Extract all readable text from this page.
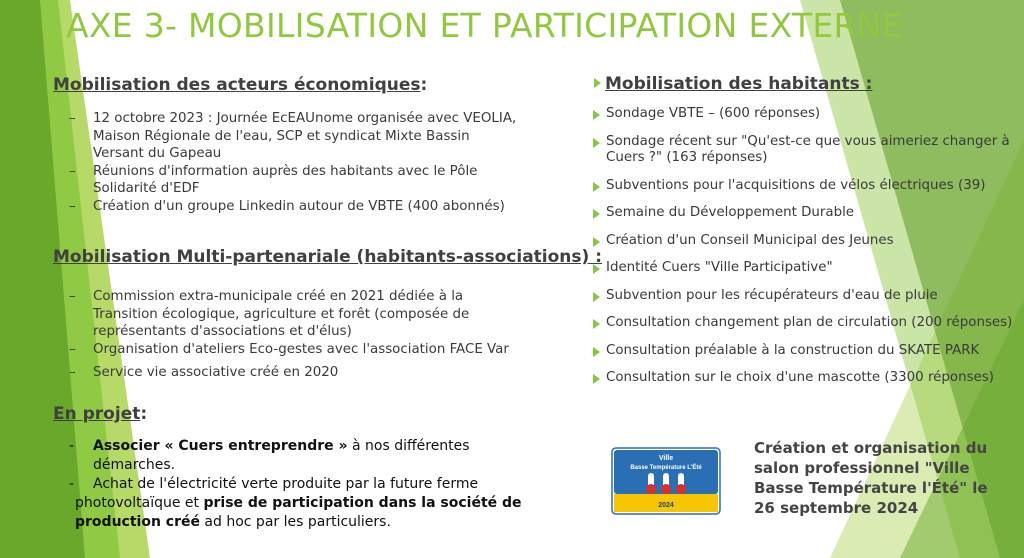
AXE 3- MOBILISATION ET PARTICIPATION EXTERNE
Mobilisation des acteurs économiques:
– 12 octobre 2023 : Journée EcEAUnome organisée avec VEOLIA, Maison Régionale de l'eau, SCP et syndicat Mixte Bassin Versant du Gapeau
– Réunions d'information auprès des habitants avec le Pôle Solidarité d'EDF
– Création d'un groupe Linkedin autour de VBTE (400 abonnés)
Mobilisation Multi-partenariale (habitants-associations) :
– Commission extra-municipale créé en 2021 dédiée à la Transition écologique, agriculture et forêt (composée de représentants d'associations et d'élus)
– Organisation d'ateliers Eco-gestes avec l'association FACE Var
– Service vie associative créé en 2020
En projet:
- Associer « Cuers entreprendre » à nos différentes démarches.
- Achat de l'électricité verte produite par la future ferme photovoltaïque et prise de participation dans la société de production créé ad hoc par les particuliers.
Mobilisation des habitants :
Sondage VBTE – (600 réponses)
Sondage récent sur "Qu'est-ce que vous aimeriez changer à Cuers ?" (163 réponses)
Subventions pour l'acquisitions de vélos électriques (39)
Semaine du Développement Durable
Création d'un Conseil Municipal des Jeunes
Identité Cuers "Ville Participative"
Subvention pour les récupérateurs d'eau de pluie
Consultation changement plan de circulation (200 réponses)
Consultation préalable à la construction du SKATE PARK
Consultation sur le choix d'une mascotte (3300 réponses)
Ville
Basse Température L'Été
2024
Création et organisation du salon professionnel "Ville Basse Température l'Été" le 26 septembre 2024
